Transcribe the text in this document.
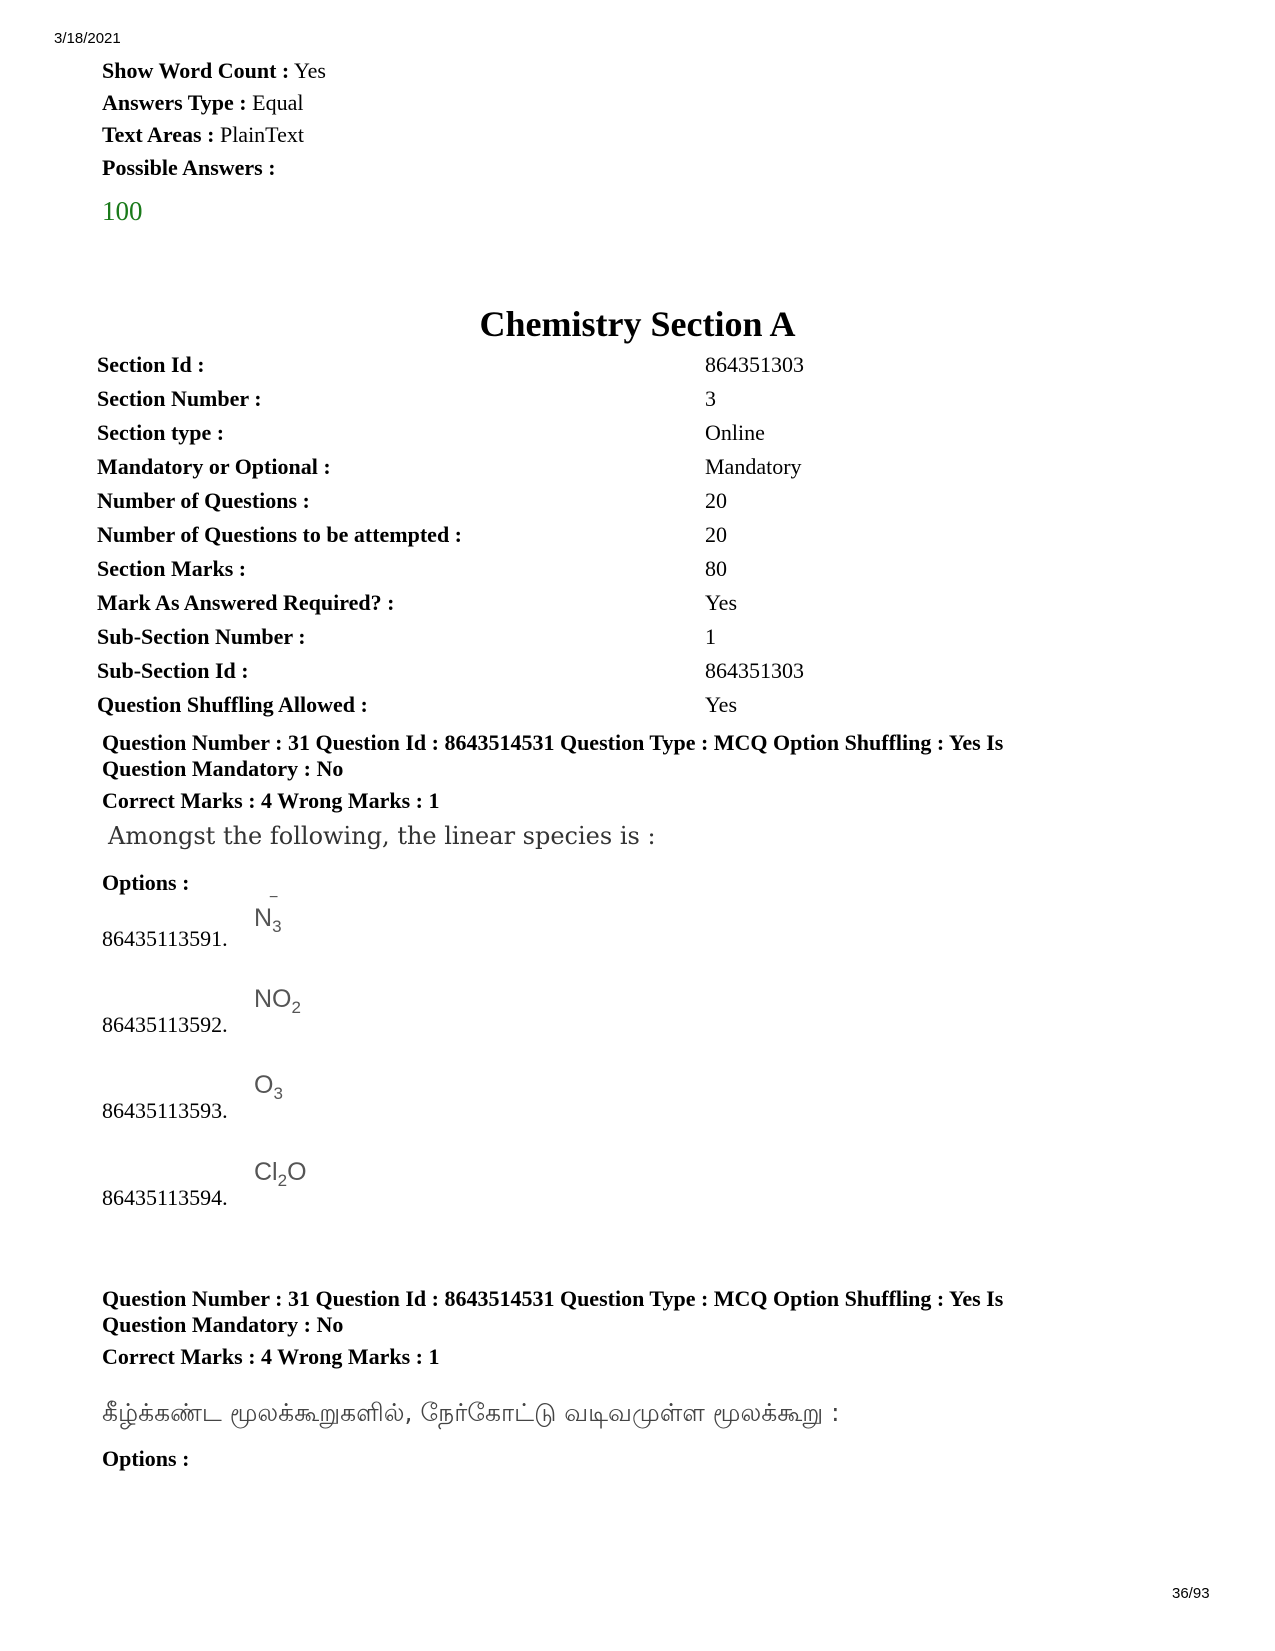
3/18/2021
Show Word Count : Yes
Answers Type : Equal
Text Areas : PlainText
Possible Answers :
100
Chemistry Section A
Section Id :	864351303
Section Number :	3
Section type :	Online
Mandatory or Optional :	Mandatory
Number of Questions :	20
Number of Questions to be attempted :	20
Section Marks :	80
Mark As Answered Required? :	Yes
Sub-Section Number :	1
Sub-Section Id :	864351303
Question Shuffling Allowed :	Yes
Question Number : 31 Question Id : 8643514531 Question Type : MCQ Option Shuffling : Yes Is
Question Mandatory : No
Correct Marks : 4 Wrong Marks : 1
Amongst the following, the linear species is :
Options :
86435113591.
$N_3$
−
86435113592.
$NO_2$
86435113593.
$O_3$
86435113594.
$Cl_2O$
Question Number : 31 Question Id : 8643514531 Question Type : MCQ Option Shuffling : Yes Is
Question Mandatory : No
Correct Marks : 4 Wrong Marks : 1
கீழ்க்கண்ட மூலக்கூறுகளில், நேர்கோட்டு வடிவமுள்ள மூலக்கூறு :
Options :
36/93
